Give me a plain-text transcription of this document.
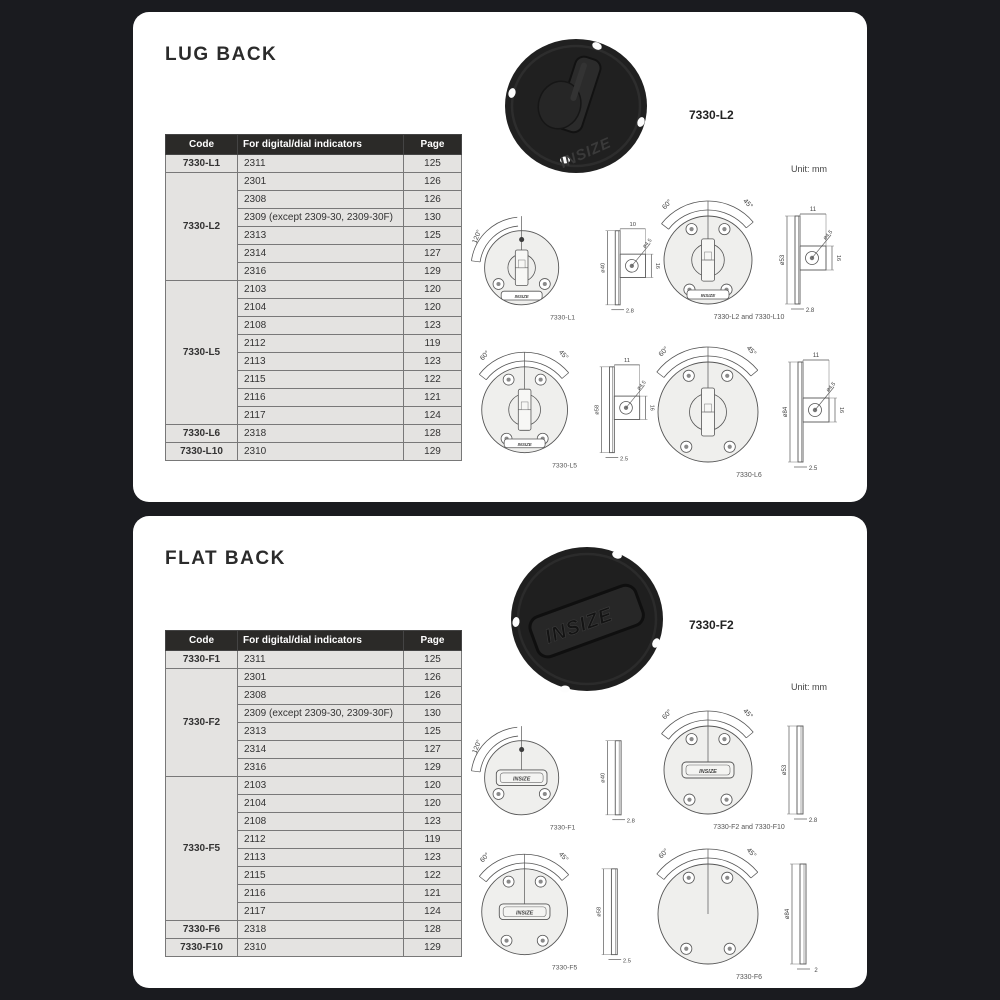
LUG BACK
INSIZE
7330-L2
Unit: mm
Code	For digital/dial indicators	Page
7330-L1	2311	125
7330-L2	2301	126
	2308	126
	2309 (except 2309-30, 2309-30F)	130
	2313	125
	2314	127
	2316	129
7330-L5	2103	120
	2104	120
	2108	123
	2112	119
	2113	123
	2115	122
	2116	121
	2117	124
7330-L6	2318	128
7330-L10	2310	129
120°
INSIZE
10
ø4.5
16
ø40
2.8
7330-L1
60°	45°
INSIZE
11
ø4.5
16
ø53
2.8
7330-L2 and 7330-L10
60°	45°
INSIZE
11
ø4.5
16
ø58
2.5
7330-L5
60°	45°	11
ø4.5
16
ø84
2.5
7330-L6
FLAT BACK
INSIZE	7330-F2
Unit: mm
Code	For digital/dial indicators	Page
7330-F1	2311	125
7330-F2	2301	126
	2308	126
	2309 (except 2309-30, 2309-30F)	130
	2313	125
	2314	127
	2316	129
7330-F5	2103	120
	2104	120
	2108	123
	2112	119
	2113	123
	2115	122
	2116	121
	2117	124
7330-F6	2318	128
7330-F10	2310	129
120°
INSIZE	ø40
2.8
7330-F1
60°	45°
INSIZE	ø53
2.8
7330-F2 and 7330-F10
60°	45°
INSIZE	ø58
2.5
7330-F5
60°	45°
ø84
2
7330-F6
